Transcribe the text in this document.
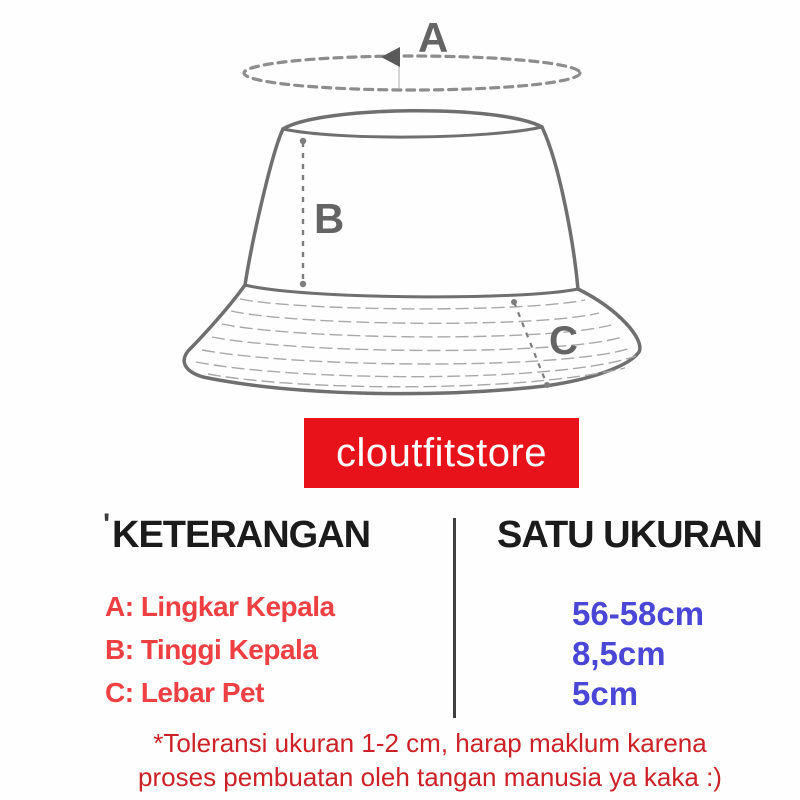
A
B
C
cloutfitstore
' KETERANGAN	SATU UKURAN
A: Lingkar Kepala
B: Tinggi Kepala
C: Lebar Pet
56-58cm
8,5cm
5cm
*Toleransi ukuran 1-2 cm, harap maklum karena
proses pembuatan oleh tangan manusia ya kaka :)
